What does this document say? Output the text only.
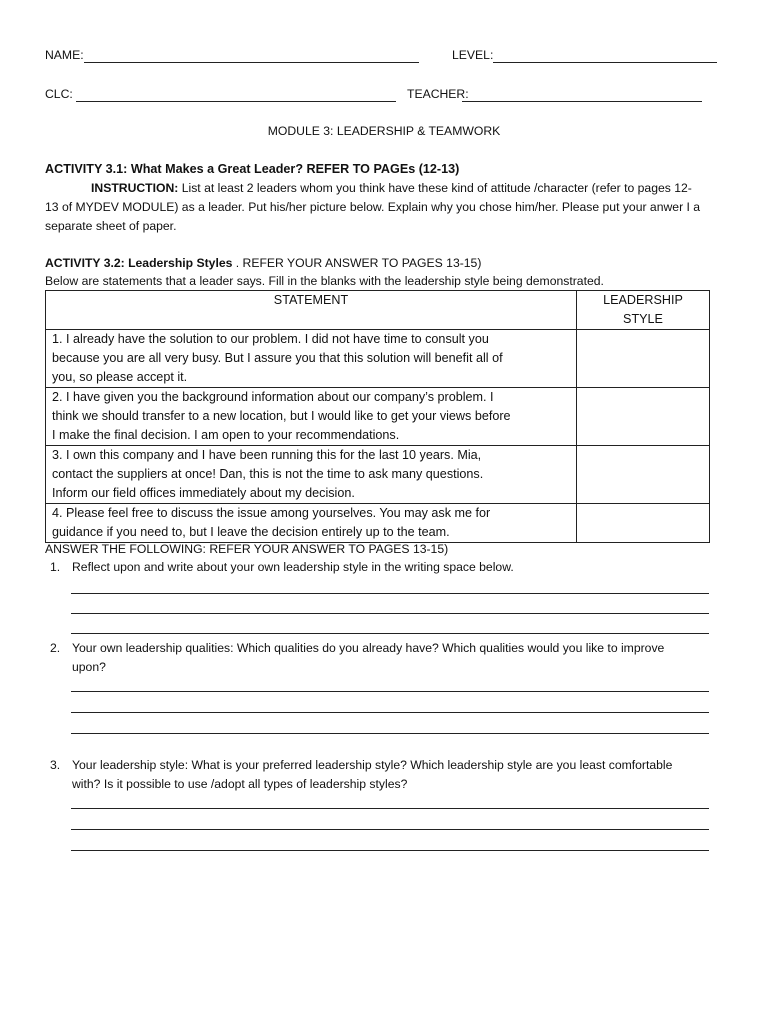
NAME:	LEVEL:
CLC:	TEACHER:
MODULE 3: LEADERSHIP & TEAMWORK
ACTIVITY 3.1: What Makes a Great Leader? REFER TO PAGEs (12-13)
INSTRUCTION: List at least 2 leaders whom you think have these kind of attitude /character (refer to pages 12-
13 of MYDEV MODULE) as a leader. Put his/her picture below. Explain why you chose him/her. Please put your anwer I a
separate sheet of paper.
ACTIVITY 3.2: Leadership Styles . REFER YOUR ANSWER TO PAGES 13-15)
Below are statements that a leader says. Fill in the blanks with the leadership style being demonstrated.
STATEMENT	LEADERSHIP STYLE

1. I already have the solution to our problem. I did not have time to consult you
because you are all very busy. But I assure you that this solution will benefit all of
you, so please accept it.	

2. I have given you the background information about our company’s problem. I
think we should transfer to a new location, but I would like to get your views before
I make the final decision. I am open to your recommendations.	

3. I own this company and I have been running this for the last 10 years. Mia,
contact the suppliers at once! Dan, this is not the time to ask many questions.
Inform our field offices immediately about my decision.	

4. Please feel free to discuss the issue among yourselves. You may ask me for
guidance if you need to, but I leave the decision entirely up to the team.	

ANSWER THE FOLLOWING: REFER YOUR ANSWER TO PAGES 13-15)
1. Reflect upon and write about your own leadership style in the writing space below.
2. Your own leadership qualities: Which qualities do you already have? Which qualities would you like to improve
upon?
3. Your leadership style: What is your preferred leadership style? Which leadership style are you least comfortable
with? Is it possible to use /adopt all types of leadership styles?
